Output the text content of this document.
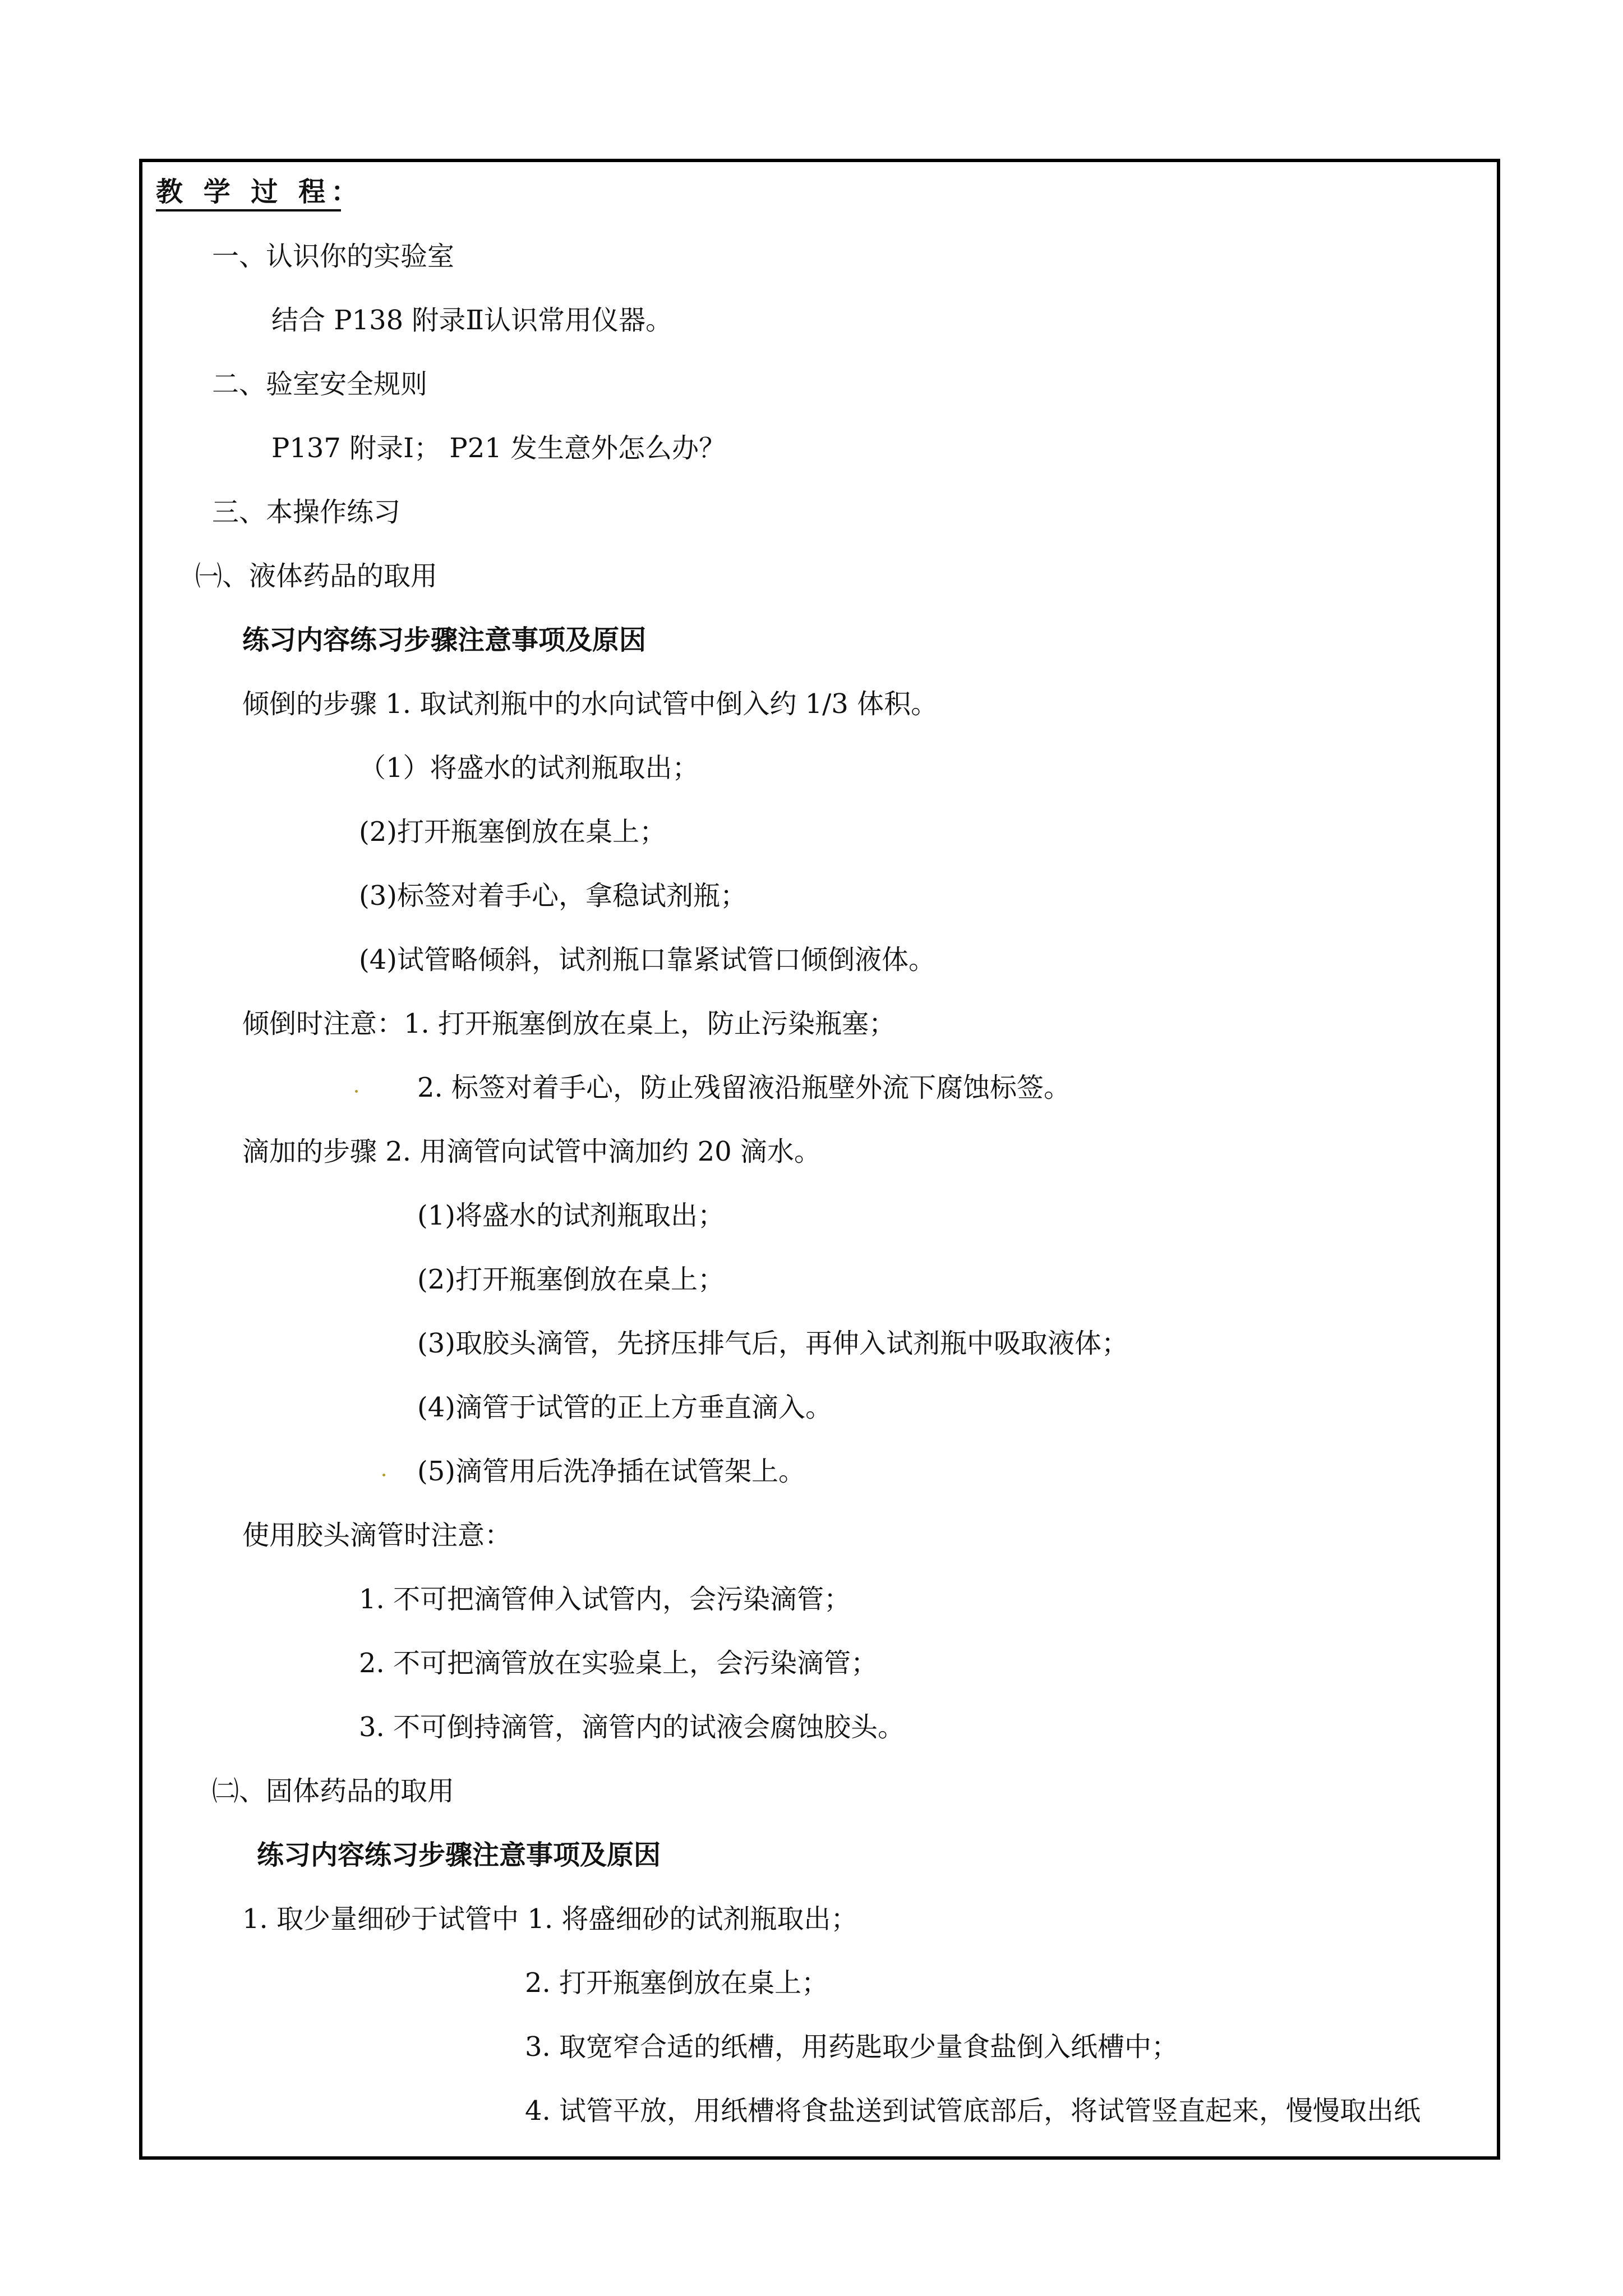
教 学 过 程：
一、认识你的实验室
结合 P138 附录Ⅱ认识常用仪器。
二、验室安全规则
P137 附录Ⅰ； P21 发生意外怎么办？
三、本操作练习
㈠、液体药品的取用
练习内容练习步骤注意事项及原因
倾倒的步骤 1. 取试剂瓶中的水向试管中倒入约 1/3 体积。
（1）将盛水的试剂瓶取出；
(2)打开瓶塞倒放在桌上；
(3)标签对着手心，拿稳试剂瓶；
(4)试管略倾斜，试剂瓶口靠紧试管口倾倒液体。
倾倒时注意：1. 打开瓶塞倒放在桌上，防止污染瓶塞；
2. 标签对着手心，防止残留液沿瓶壁外流下腐蚀标签。
滴加的步骤 2. 用滴管向试管中滴加约 20 滴水。
(1)将盛水的试剂瓶取出；
(2)打开瓶塞倒放在桌上；
(3)取胶头滴管，先挤压排气后，再伸入试剂瓶中吸取液体；
(4)滴管于试管的正上方垂直滴入。
(5)滴管用后洗净插在试管架上。
使用胶头滴管时注意：
1. 不可把滴管伸入试管内，会污染滴管；
2. 不可把滴管放在实验桌上，会污染滴管；
3. 不可倒持滴管，滴管内的试液会腐蚀胶头。
㈡、固体药品的取用
练习内容练习步骤注意事项及原因
1. 取少量细砂于试管中 1. 将盛细砂的试剂瓶取出；
2. 打开瓶塞倒放在桌上；
3. 取宽窄合适的纸槽，用药匙取少量食盐倒入纸槽中；
4. 试管平放，用纸槽将食盐送到试管底部后，将试管竖直起来，慢慢取出纸
